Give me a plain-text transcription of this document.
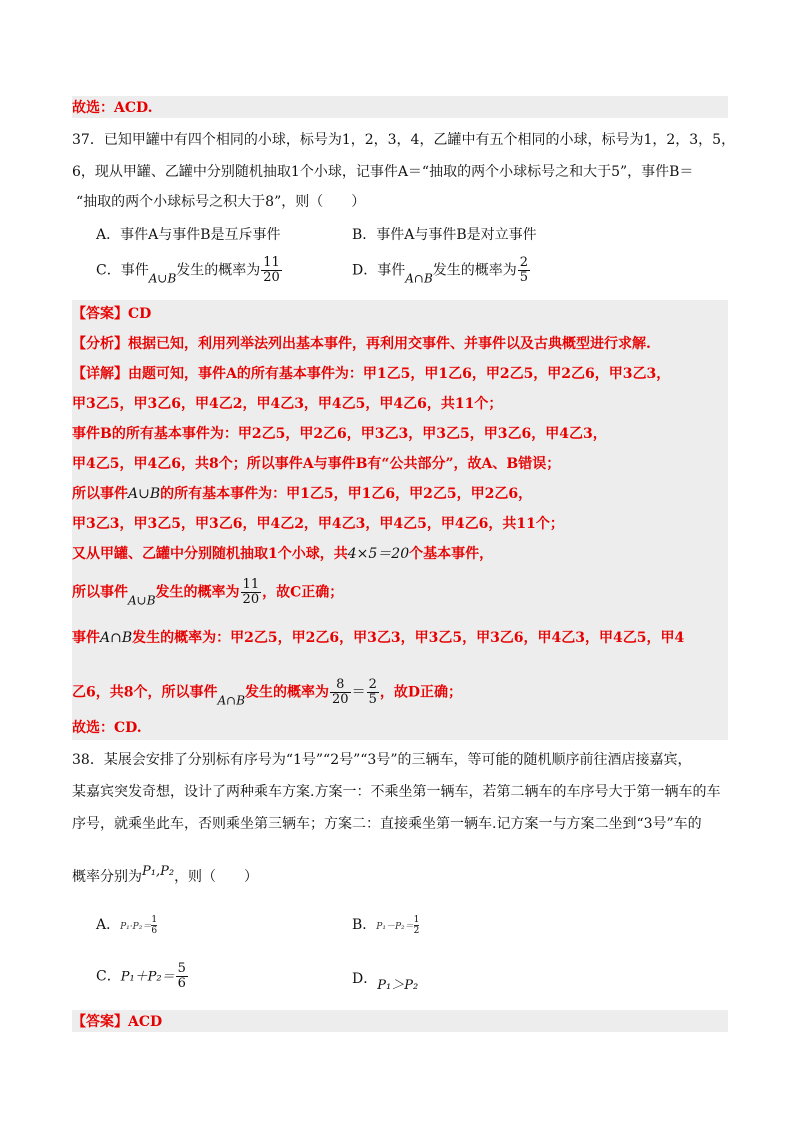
故选：ACD.
37．已知甲罐中有四个相同的小球，标号为1，2，3，4，乙罐中有五个相同的小球，标号为1，2，3，5，
6，现从甲罐、乙罐中分别随机抽取1个小球，记事件A＝“抽取的两个小球标号之和大于5”，事件B＝
“抽取的两个小球标号之积大于8”，则（　　）
A．事件A与事件B是互斥事件	B．事件A与事件B是对立事件
C．事件A∪B发生的概率为 $\frac{11}{20}$	D．事件A∩B发生的概率为 $\frac{2}{5}$
【答案】CD
【分析】根据已知，利用列举法列出基本事件，再利用交事件、并事件以及古典概型进行求解.
【详解】由题可知，事件A的所有基本事件为：甲1乙5，甲1乙6，甲2乙5，甲2乙6，甲3乙3，
甲3乙5，甲3乙6，甲4乙2，甲4乙3，甲4乙5，甲4乙6，共11个；
事件B的所有基本事件为：甲2乙5，甲2乙6，甲3乙3，甲3乙5，甲3乙6，甲4乙3，
甲4乙5，甲4乙6，共8个；所以事件A与事件B有“公共部分”，故A、B错误；
所以事件A∪B的所有基本事件为：甲1乙5，甲1乙6，甲2乙5，甲2乙6，
甲3乙3，甲3乙5，甲3乙6，甲4乙2，甲4乙3，甲4乙5，甲4乙6，共11个；
又从甲罐、乙罐中分别随机抽取1个小球，共4×5＝20个基本事件，
所以事件A∪B发生的概率为 $\frac{11}{20}$ ，故C正确；
事件A∩B发生的概率为：甲2乙5，甲2乙6，甲3乙3，甲3乙5，甲3乙6，甲4乙3，甲4乙5，甲4
乙6，共8个，所以事件A∩B发生的概率为 $\frac{8}{20} = \frac{2}{5}$ ，故D正确；
故选：CD.
38．某展会安排了分别标有序号为“1号”“2号”“3号”的三辆车，等可能的随机顺序前往酒店接嘉宾，
某嘉宾突发奇想，设计了两种乘车方案.方案一：不乘坐第一辆车，若第二辆车的车序号大于第一辆车的车
序号，就乘坐此车，否则乘坐第三辆车；方案二：直接乘坐第一辆车.记方案一与方案二坐到“3号”车的
概率分别为P₁,P₂，则（　　）
A．$P_1\cdot P_2= \frac{1}{6}$	B．$P_1-P_2= \frac{1}{2}$
C．$P_1+P_2= \frac{5}{6}$	D．P₁＞P₂
【答案】ACD
